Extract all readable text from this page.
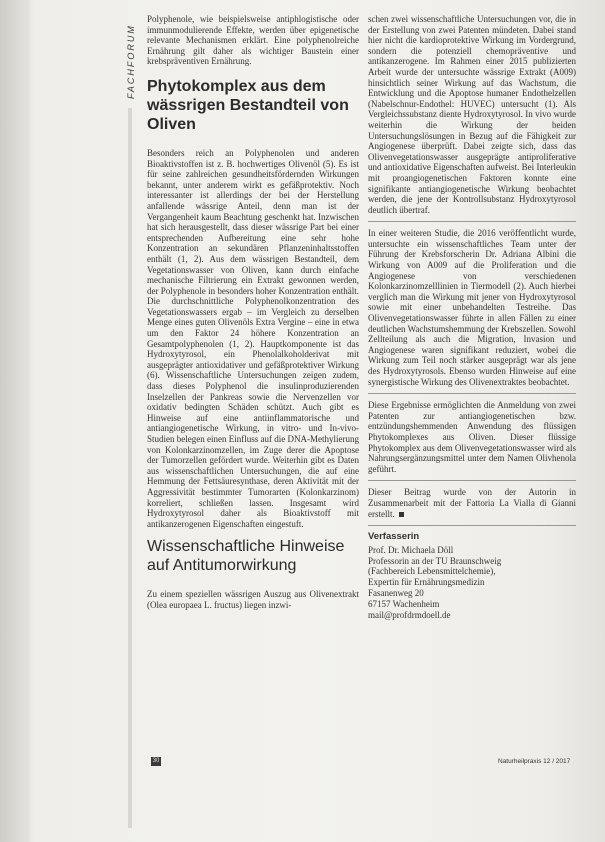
FACHFORUM

Polyphenole, wie beispielsweise antiphlogistische oder immunmodulierende Effekte, werden über epigenetische relevante Mechanismen erklärt. Eine polyphenolreiche Ernährung gilt daher als wichtiger Baustein einer krebspräventiven Ernährung.

Phytokomplex aus dem wässrigen Bestandteil von Oliven

Besonders reich an Polyphenolen und anderen Bioaktivstoffen ist z. B. hochwertiges Olivenöl (5). Es ist für seine zahlreichen gesundheitsfördernden Wirkungen bekannt, unter anderem wirkt es gefäßprotektiv. Noch interessanter ist allerdings der bei der Herstellung anfallende wässrige Anteil, denn man ist der Vergangenheit kaum Beachtung geschenkt hat. Inzwischen hat sich herausgestellt, dass dieser wässrige Part bei einer entsprechenden Aufbereitung eine sehr hohe Konzentration an sekundären Pflanzeninhaltsstoffen enthält (1, 2). Aus dem wässrigen Bestandteil, dem Vegetationswasser von Oliven, kann durch einfache mechanische Filtrierung ein Extrakt gewonnen werden, der Polyphenole in besonders hoher Konzentration enthält. Die durchschnittliche Polyphenolkonzentration des Vegetationswassers ergab – im Vergleich zu derselben Menge eines guten Olivenöls Extra Vergine – eine in etwa um den Faktor 24 höhere Konzentration an Gesamtpolyphenolen (1, 2). Hauptkomponente ist das Hydroxytyrosol, ein Phenolalkoholderivat mit ausgeprägter antioxidativer und gefäßprotektiver Wirkung (6). Wissenschaftliche Untersuchungen zeigen zudem, dass dieses Polyphenol die insulinproduzierenden Inselzellen der Pankreas sowie die Nervenzellen vor oxidativ bedingten Schäden schützt. Auch gibt es Hinweise auf eine antiinflammatorische und antiangiogenetische Wirkung, in vitro- und In-vivo-Studien belegen einen Einfluss auf die DNA-Methylierung von Kolonkarzinomzellen, im Zuge derer die Apoptose der Tumorzellen gefördert wurde. Weiterhin gibt es Daten aus wissenschaftlichen Untersuchungen, die auf eine Hemmung der Fettsäuresynthase, deren Aktivität mit der Aggressivität bestimmter Tumorarten (Kolonkarzinom) korreliert, schließen lassen. Insgesamt wird Hydroxytyrosol daher als Bioaktivstoff mit antikanzerogenen Eigenschaften eingestuft.

Wissenschaftliche Hinweise auf Antitumorwirkung

Zu einem speziellen wässrigen Auszug aus Olivenextrakt (Olea europaea L. fructus) liegen inzwi-

schen zwei wissenschaftliche Untersuchungen vor, die in der Erstellung von zwei Patenten mündeten. Dabei stand hier nicht die kardioprotektive Wirkung im Vordergrund, sondern die potenziell chemopräventive und antikanzerogene. Im Rahmen einer 2015 publizierten Arbeit wurde der untersuchte wässrige Extrakt (A009) hinsichtlich seiner Wirkung auf das Wachstum, die Entwicklung und die Apoptose humaner Endothelzellen (Nabelschnur-Endothel: HUVEC) untersucht (1). Als Vergleichssubstanz diente Hydroxytyrosol. In vivo wurde weiterhin die Wirkung der beiden Untersuchungslösungen in Bezug auf die Fähigkeit zur Angiogenese überprüft. Dabei zeigte sich, dass das Olivenvegetationswasser ausgeprägte antiproliferative und antioxidative Eigenschaften aufweist. Bei Interleukin mit proangiogenetischen Faktoren konnte eine signifikante antiangiogenetische Wirkung beobachtet werden, die jene der Kontrollsubstanz Hydroxytyrosol deutlich übertraf.

In einer weiteren Studie, die 2016 veröffentlicht wurde, untersuchte ein wissenschaftliches Team unter der Führung der Krebsforscherin Dr. Adriana Albini die Wirkung von A009 auf die Proliferation und die Angiogenese von verschiedenen Kolonkarzinomzelllinien in Tiermodell (2). Auch hierbei verglich man die Wirkung mit jener von Hydroxytyrosol sowie mit einer unbehandelten Testreihe. Das Olivenvegetationswasser führte in allen Fällen zu einer deutlichen Wachstumshemmung der Krebszellen. Sowohl Zellteilung als auch die Migration, Invasion und Angiogenese waren signifikant reduziert, wobei die Wirkung zum Teil noch stärker ausgeprägt war als jene des Hydroxytyrosols. Ebenso wurden Hinweise auf eine synergistische Wirkung des Olivenextraktes beobachtet.

Diese Ergebnisse ermöglichten die Anmeldung von zwei Patenten zur antiangiogenetischen bzw. entzündungshemmenden Anwendung des flüssigen Phytokomplexes aus Oliven. Dieser flüssige Phytokomplex aus dem Olivenvegetationswasser wird als Nahrungsergänzungsmittel unter dem Namen Olivhenola geführt.

Dieser Beitrag wurde von der Autorin in Zusammenarbeit mit der Fattoria La Vialla di Gianni erstellt.

Verfasserin
Prof. Dr. Michaela Döll
Professorin an der TU Braunschweig
(Fachbereich Lebensmittelchemie),
Expertin für Ernährungsmedizin
Fasanenweg 20
67157 Wachenheim
mail@profdrmdoell.de
30	Naturheilpraxis 12 / 2017
